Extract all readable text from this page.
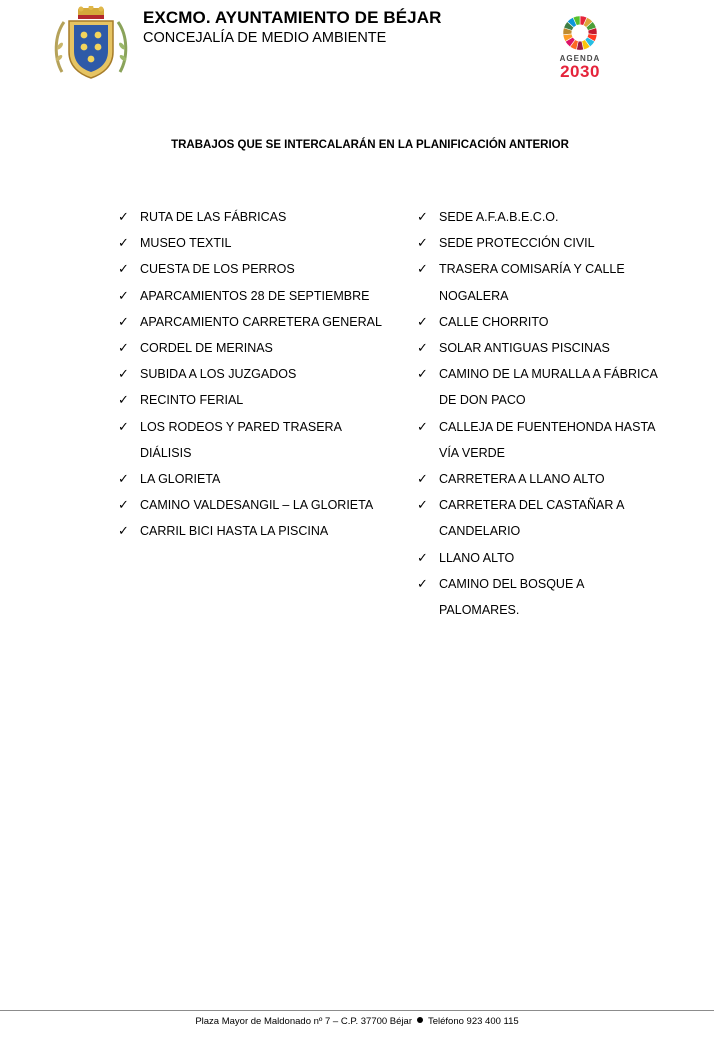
EXCMO. AYUNTAMIENTO DE BÉJAR
CONCEJALÍA DE MEDIO AMBIENTE
AGENDA
2030
TRABAJOS QUE SE INTERCALARÁN EN LA PLANIFICACIÓN ANTERIOR
✓ RUTA DE LAS FÁBRICAS
✓ MUSEO TEXTIL
✓ CUESTA DE LOS PERROS
✓ APARCAMIENTOS 28 DE SEPTIEMBRE
✓ APARCAMIENTO CARRETERA GENERAL
✓ CORDEL DE MERINAS
✓ SUBIDA A LOS JUZGADOS
✓ RECINTO FERIAL
✓ LOS RODEOS Y PARED TRASERA DIÁLISIS
✓ LA GLORIETA
✓ CAMINO VALDESANGIL – LA GLORIETA
✓ CARRIL BICI HASTA LA PISCINA
✓ SEDE A.F.A.B.E.C.O.
✓ SEDE PROTECCIÓN CIVIL
✓ TRASERA COMISARÍA Y CALLE NOGALERA
✓ CALLE CHORRITO
✓ SOLAR ANTIGUAS PISCINAS
✓ CAMINO DE LA MURALLA A FÁBRICA DE DON PACO
✓ CALLEJA DE FUENTEHONDA HASTA VÍA VERDE
✓ CARRETERA A LLANO ALTO
✓ CARRETERA DEL CASTAÑAR A CANDELARIO
✓ LLANO ALTO
✓ CAMINO DEL BOSQUE A PALOMARES.
Plaza Mayor de Maldonado nº 7 – C.P. 37700 Béjar Teléfono 923 400 115
